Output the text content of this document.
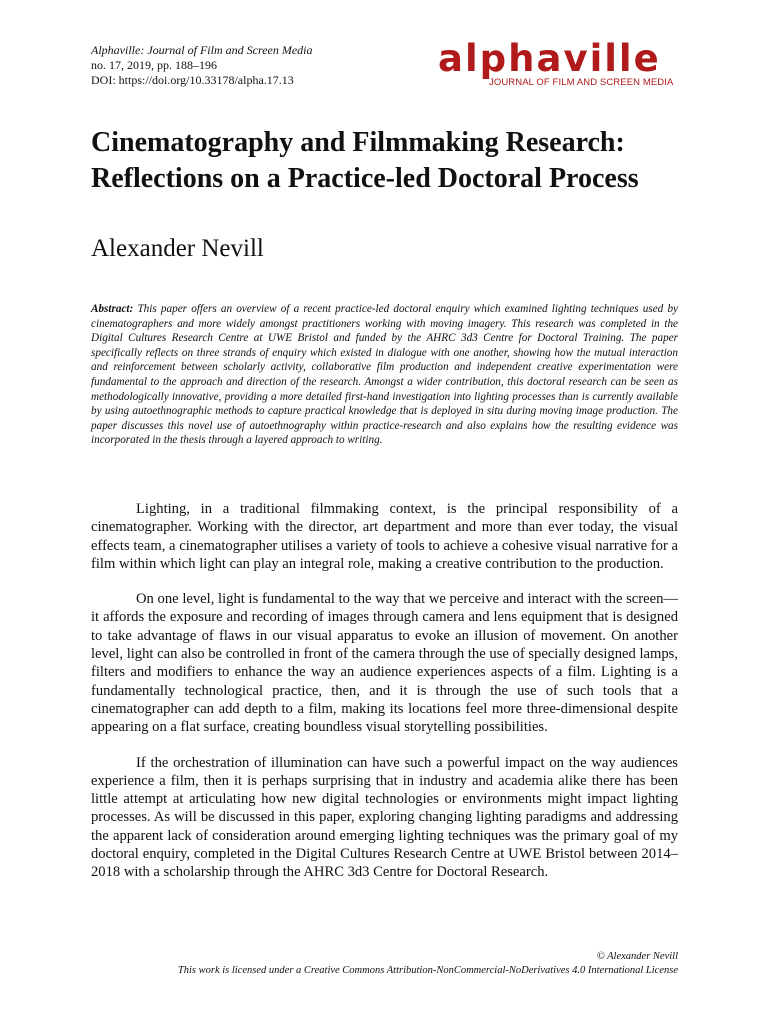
Alphaville: Journal of Film and Screen Media
no. 17, 2019, pp. 188–196
DOI: https://doi.org/10.33178/alpha.17.13	alphaville
JOURNAL OF FILM AND SCREEN MEDIA
Cinematography and Filmmaking Research: Reflections on a Practice-led Doctoral Process
Alexander Nevill
Abstract: This paper offers an overview of a recent practice-led doctoral enquiry which examined lighting techniques used by cinematographers and more widely amongst practitioners working with moving imagery. This research was completed in the Digital Cultures Research Centre at UWE Bristol and funded by the AHRC 3d3 Centre for Doctoral Training. The paper specifically reflects on three strands of enquiry which existed in dialogue with one another, showing how the mutual interaction and reinforcement between scholarly activity, collaborative film production and independent creative experimentation were fundamental to the approach and direction of the research. Amongst a wider contribution, this doctoral research can be seen as methodologically innovative, providing a more detailed first-hand investigation into lighting processes than is currently available by using autoethnographic methods to capture practical knowledge that is deployed in situ during moving image production. The paper discusses this novel use of autoethnography within practice-research and also explains how the resulting evidence was incorporated in the thesis through a layered approach to writing.

Lighting, in a traditional filmmaking context, is the principal responsibility of a cinematographer. Working with the director, art department and more than ever today, the visual effects team, a cinematographer utilises a variety of tools to achieve a cohesive visual narrative for a film within which light can play an integral role, making a creative contribution to the production.

On one level, light is fundamental to the way that we perceive and interact with the screen—it affords the exposure and recording of images through camera and lens equipment that is designed to take advantage of flaws in our visual apparatus to evoke an illusion of movement. On another level, light can also be controlled in front of the camera through the use of specially designed lamps, filters and modifiers to enhance the way an audience experiences aspects of a film. Lighting is a fundamentally technological practice, then, and it is through the use of such tools that a cinematographer can add depth to a film, making its locations feel more three-dimensional despite appearing on a flat surface, creating boundless visual storytelling possibilities.

If the orchestration of illumination can have such a powerful impact on the way audiences experience a film, then it is perhaps surprising that in industry and academia alike there has been little attempt at articulating how new digital technologies or environments might impact lighting processes. As will be discussed in this paper, exploring changing lighting paradigms and addressing the apparent lack of consideration around emerging lighting techniques was the primary goal of my doctoral enquiry, completed in the Digital Cultures Research Centre at UWE Bristol between 2014–2018 with a scholarship through the AHRC 3d3 Centre for Doctoral Research.

© Alexander Nevill
This work is licensed under a Creative Commons Attribution-NonCommercial-NoDerivatives 4.0 International License
